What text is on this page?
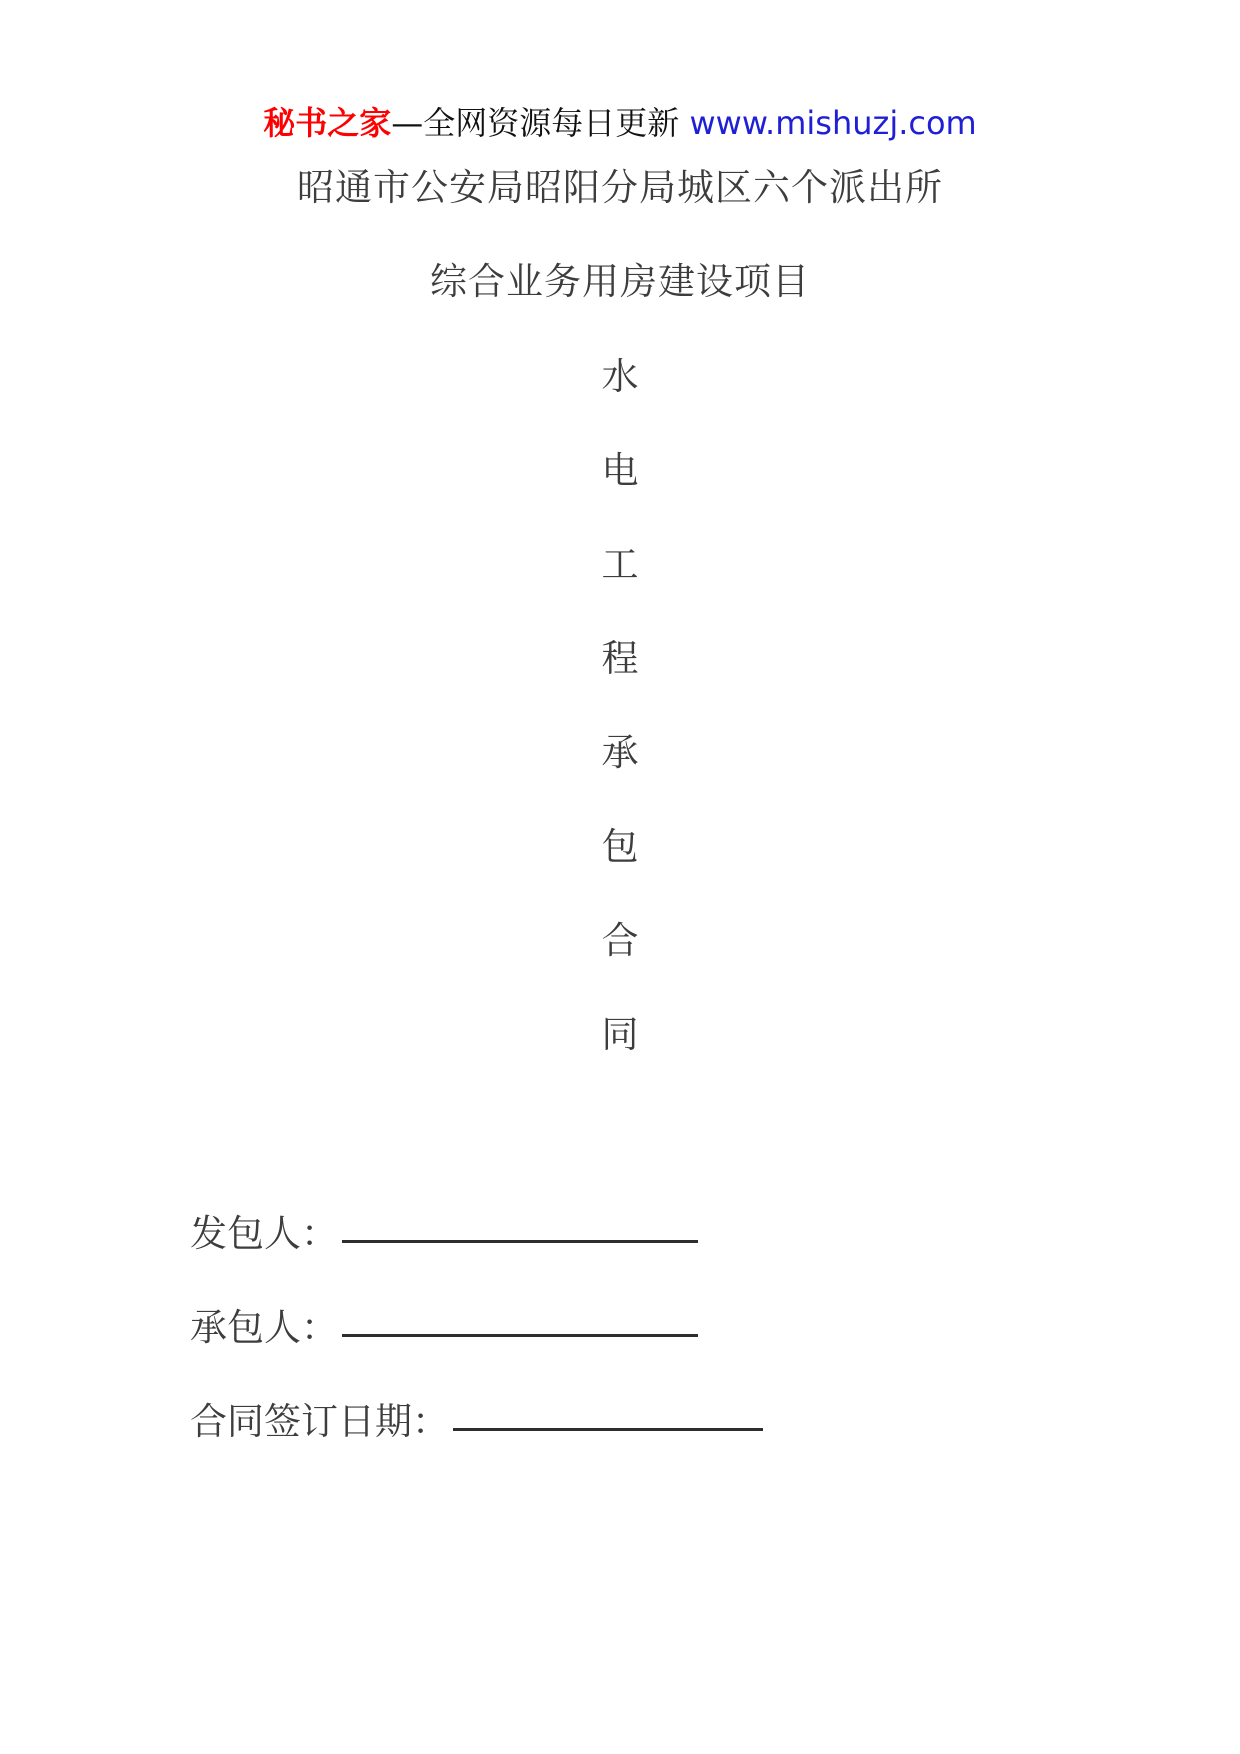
秘书之家—全网资源每日更新 www.mishuzj.com
昭通市公安局昭阳分局城区六个派出所
综合业务用房建设项目
水
电
工
程
承
包
合
同
发包人：
承包人：
合同签订日期：
